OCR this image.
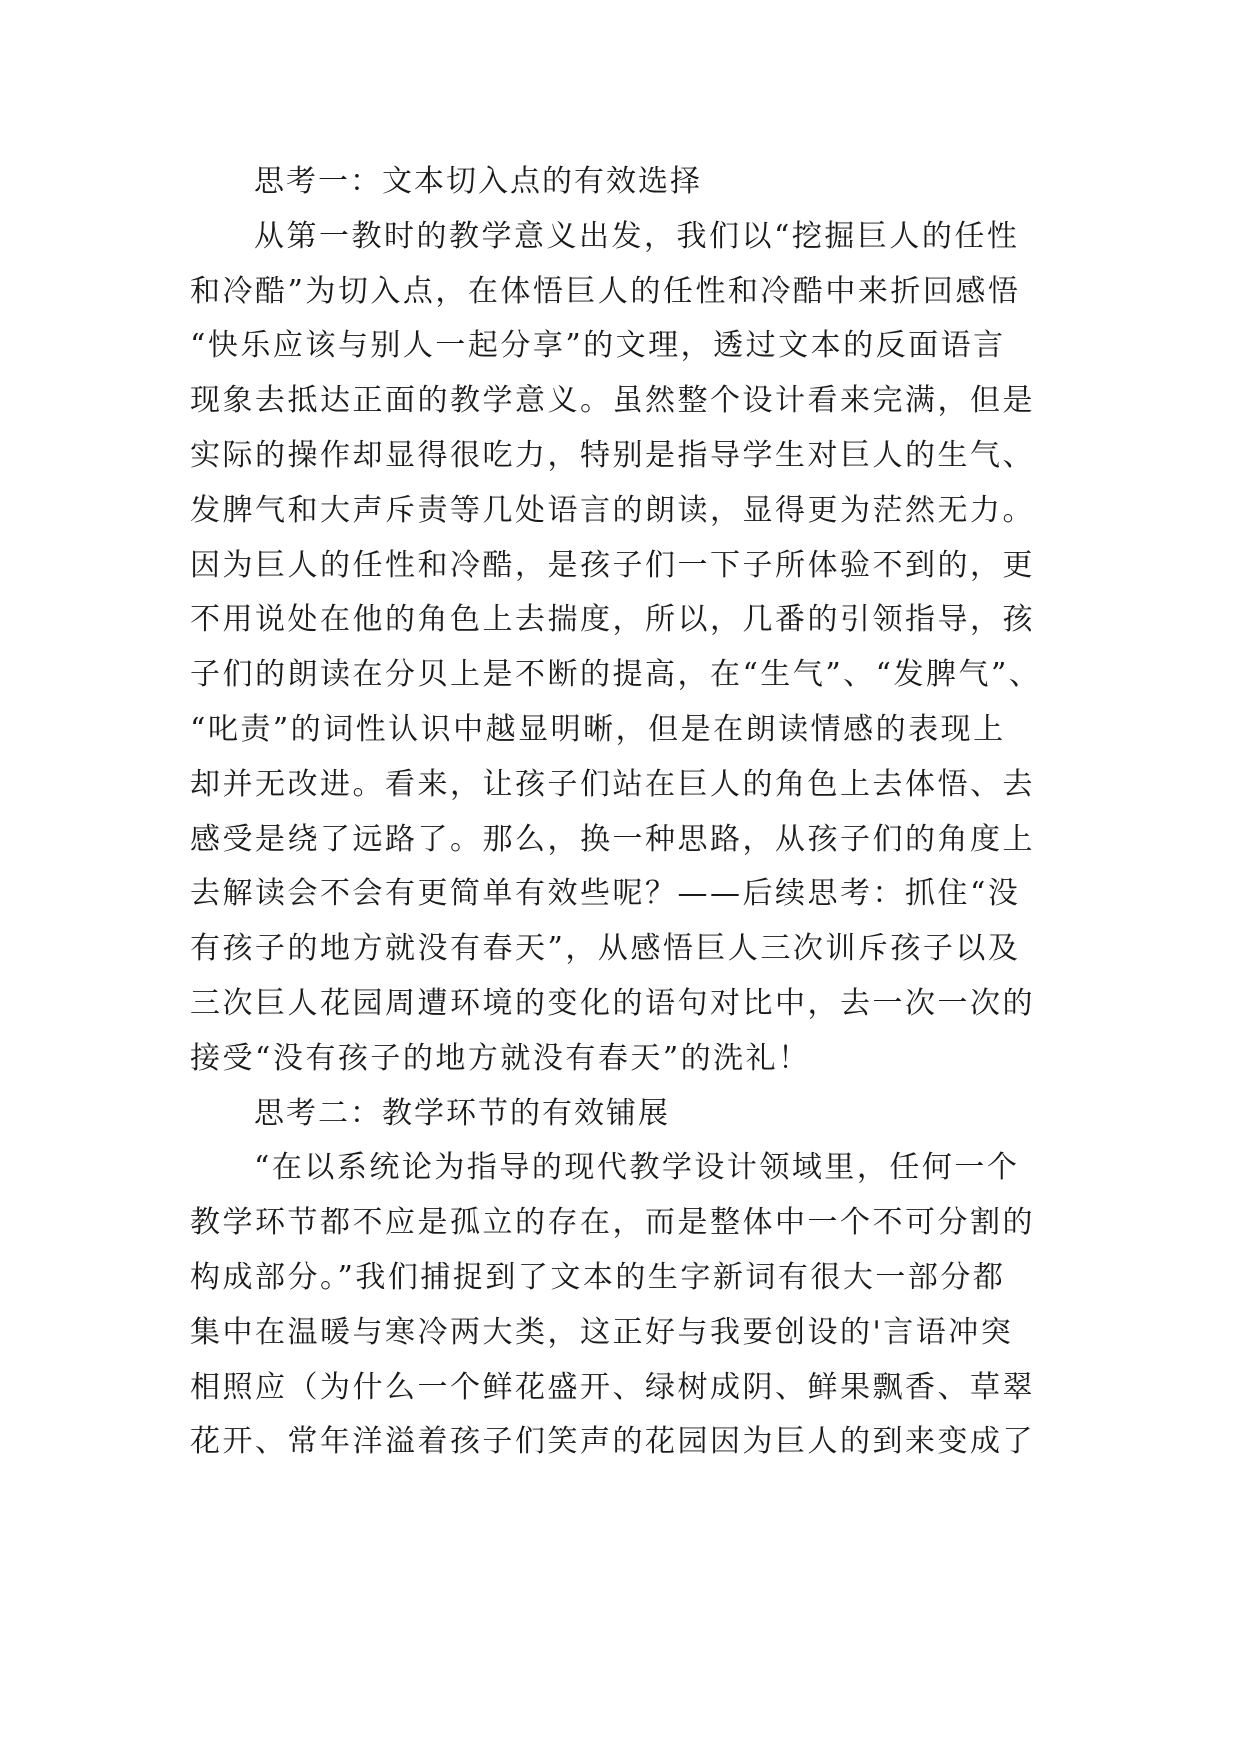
思考一：文本切入点的有效选择
从第一教时的教学意义出发，我们以“挖掘巨人的任性
和冷酷”为切入点，在体悟巨人的任性和冷酷中来折回感悟
“快乐应该与别人一起分享”的文理，透过文本的反面语言
现象去抵达正面的教学意义。虽然整个设计看来完满，但是
实际的操作却显得很吃力，特别是指导学生对巨人的生气、
发脾气和大声斥责等几处语言的朗读，显得更为茫然无力。
因为巨人的任性和冷酷，是孩子们一下子所体验不到的，更
不用说处在他的角色上去揣度，所以，几番的引领指导，孩
子们的朗读在分贝上是不断的提高，在“生气”、“发脾气”、
“叱责”的词性认识中越显明晰，但是在朗读情感的表现上
却并无改进。看来，让孩子们站在巨人的角色上去体悟、去
感受是绕了远路了。那么，换一种思路，从孩子们的角度上
去解读会不会有更简单有效些呢？——后续思考：抓住“没
有孩子的地方就没有春天”，从感悟巨人三次训斥孩子以及
三次巨人花园周遭环境的变化的语句对比中，去一次一次的
接受“没有孩子的地方就没有春天”的洗礼！
思考二：教学环节的有效铺展
“在以系统论为指导的现代教学设计领域里，任何一个
教学环节都不应是孤立的存在，而是整体中一个不可分割的
构成部分。”我们捕捉到了文本的生字新词有很大一部分都
集中在温暖与寒冷两大类，这正好与我要创设的'言语冲突
相照应（为什么一个鲜花盛开、绿树成阴、鲜果飘香、草翠
花开、常年洋溢着孩子们笑声的花园因为巨人的到来变成了
